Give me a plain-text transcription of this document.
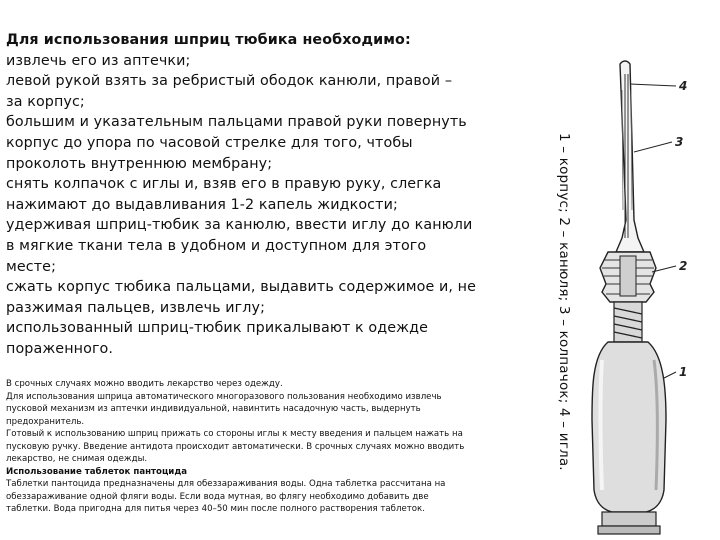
Для использования шприц тюбика необходимо:
извлечь его из аптечки;
левой рукой взять за ребристый ободок канюли, правой –
за корпус;
большим и указательным пальцами правой руки повернуть
корпус до упора по часовой стрелке для того, чтобы
проколоть внутреннюю мембрану;
снять колпачок с иглы и, взяв его в правую руку, слегка
нажимают до выдавливания 1-2 капель жидкости;
удерживая шприц-тюбик за канюлю, ввести иглу до канюли
в мягкие ткани тела в удобном и доступном для этого
месте;
сжать корпус тюбика пальцами, выдавить содержимое и, не
разжимая пальцев, извлечь иглу;
использованный шприц-тюбик прикалывают к одежде
пораженного.
В срочных случаях можно вводить лекарство через одежду.
Для использования шприца автоматического многоразового пользования необходимо извлечь
пусковой механизм из аптечки индивидуальной, навинтить насадочную часть, выдернуть
предохранитель.
Готовый к использованию шприц прижать со стороны иглы к месту введения и пальцем нажать на
пусковую ручку. Введение антидота происходит автоматически. В срочных случаях можно вводить
лекарство, не снимая одежды.
Использование таблеток пантоцида
Таблетки пантоцида предназначены для обеззараживания воды. Одна таблетка рассчитана на
обеззараживание одной фляги воды. Если вода мутная, во флягу необходимо добавить две
таблетки. Вода пригодна для питья через 40–50 мин после полного растворения таблеток.
1 – корпус; 2 – канюля; 3 – колпачок; 4 – игла.
4
3
2
1
